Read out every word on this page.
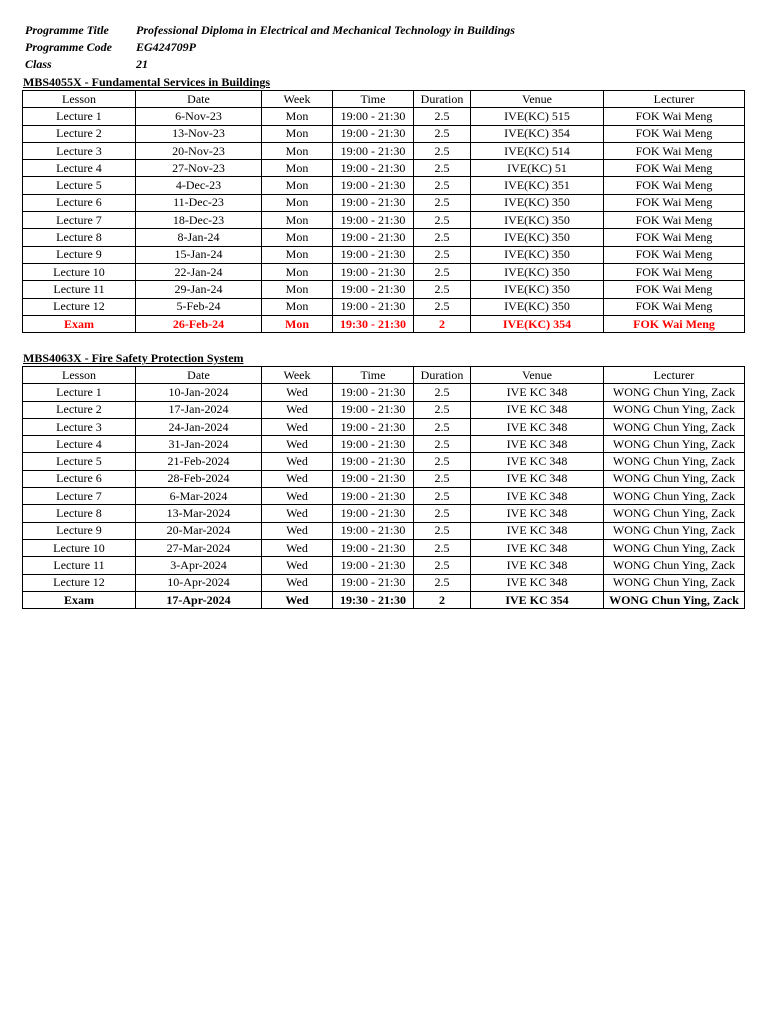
Programme Title	Professional Diploma in Electrical and Mechanical Technology in Buildings
Programme Code	EG424709P
Class	21
MBS4055X - Fundamental Services in Buildings
Lesson	Date	Week	Time	Duration	Venue	Lecturer
Lecture 1	6-Nov-23	Mon	19:00 - 21:30	2.5	IVE(KC) 515	FOK Wai Meng
Lecture 2	13-Nov-23	Mon	19:00 - 21:30	2.5	IVE(KC) 354	FOK Wai Meng
Lecture 3	20-Nov-23	Mon	19:00 - 21:30	2.5	IVE(KC) 514	FOK Wai Meng
Lecture 4	27-Nov-23	Mon	19:00 - 21:30	2.5	IVE(KC) 51	FOK Wai Meng
Lecture 5	4-Dec-23	Mon	19:00 - 21:30	2.5	IVE(KC) 351	FOK Wai Meng
Lecture 6	11-Dec-23	Mon	19:00 - 21:30	2.5	IVE(KC) 350	FOK Wai Meng
Lecture 7	18-Dec-23	Mon	19:00 - 21:30	2.5	IVE(KC) 350	FOK Wai Meng
Lecture 8	8-Jan-24	Mon	19:00 - 21:30	2.5	IVE(KC) 350	FOK Wai Meng
Lecture 9	15-Jan-24	Mon	19:00 - 21:30	2.5	IVE(KC) 350	FOK Wai Meng
Lecture 10	22-Jan-24	Mon	19:00 - 21:30	2.5	IVE(KC) 350	FOK Wai Meng
Lecture 11	29-Jan-24	Mon	19:00 - 21:30	2.5	IVE(KC) 350	FOK Wai Meng
Lecture 12	5-Feb-24	Mon	19:00 - 21:30	2.5	IVE(KC) 350	FOK Wai Meng
Exam	26-Feb-24	Mon	19:30 - 21:30	2	IVE(KC) 354	FOK Wai Meng
MBS4063X - Fire Safety Protection System
Lesson	Date	Week	Time	Duration	Venue	Lecturer
Lecture 1	10-Jan-2024	Wed	19:00 - 21:30	2.5	IVE KC 348	WONG Chun Ying, Zack
Lecture 2	17-Jan-2024	Wed	19:00 - 21:30	2.5	IVE KC 348	WONG Chun Ying, Zack
Lecture 3	24-Jan-2024	Wed	19:00 - 21:30	2.5	IVE KC 348	WONG Chun Ying, Zack
Lecture 4	31-Jan-2024	Wed	19:00 - 21:30	2.5	IVE KC 348	WONG Chun Ying, Zack
Lecture 5	21-Feb-2024	Wed	19:00 - 21:30	2.5	IVE KC 348	WONG Chun Ying, Zack
Lecture 6	28-Feb-2024	Wed	19:00 - 21:30	2.5	IVE KC 348	WONG Chun Ying, Zack
Lecture 7	6-Mar-2024	Wed	19:00 - 21:30	2.5	IVE KC 348	WONG Chun Ying, Zack
Lecture 8	13-Mar-2024	Wed	19:00 - 21:30	2.5	IVE KC 348	WONG Chun Ying, Zack
Lecture 9	20-Mar-2024	Wed	19:00 - 21:30	2.5	IVE KC 348	WONG Chun Ying, Zack
Lecture 10	27-Mar-2024	Wed	19:00 - 21:30	2.5	IVE KC 348	WONG Chun Ying, Zack
Lecture 11	3-Apr-2024	Wed	19:00 - 21:30	2.5	IVE KC 348	WONG Chun Ying, Zack
Lecture 12	10-Apr-2024	Wed	19:00 - 21:30	2.5	IVE KC 348	WONG Chun Ying, Zack
Exam	17-Apr-2024	Wed	19:30 - 21:30	2	IVE KC 354	WONG Chun Ying, Zack
